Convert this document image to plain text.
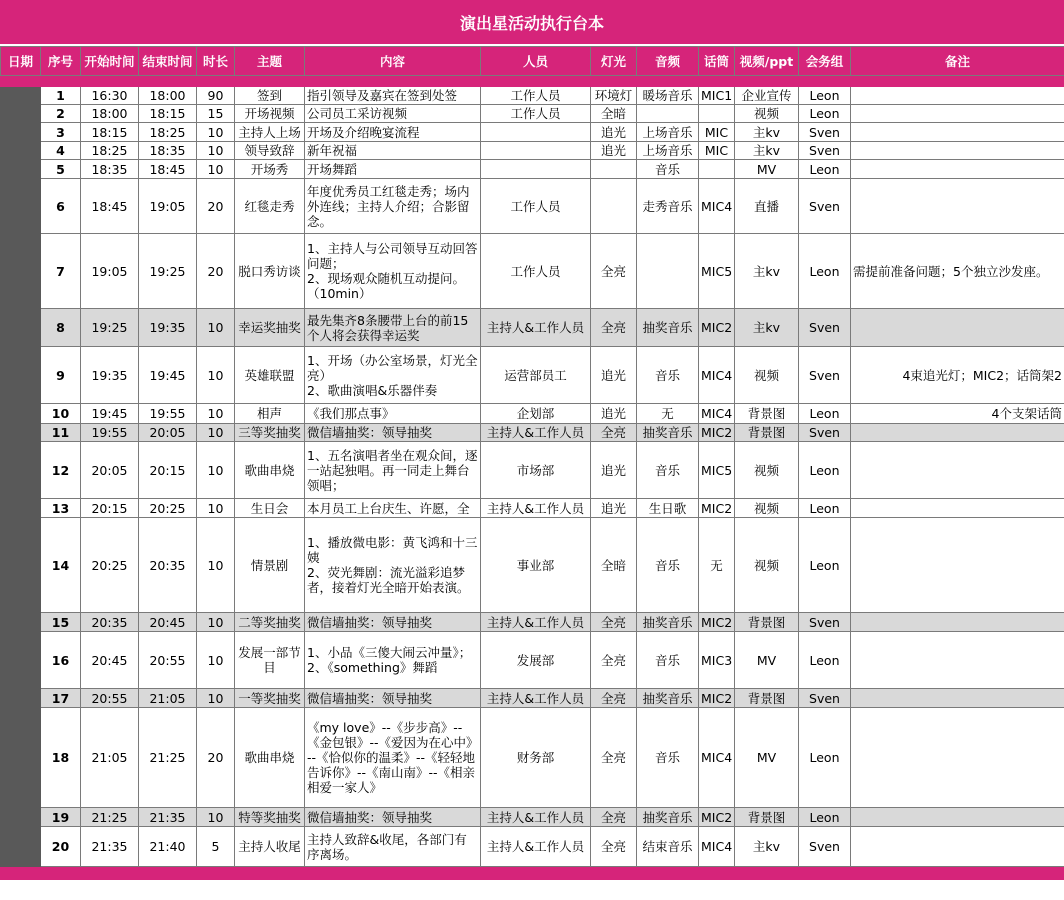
演出星活动执行台本
日期	序号	开始时间	结束时间	时长	主题	内容	人员	灯光	音频	话筒	视频/ppt	会务组	备注

	1	16:30	18:00	90	签到	指引领导及嘉宾在签到处签	工作人员	环境灯	暖场音乐	MIC1	企业宣传	Leon	
	2	18:00	18:15	15	开场视频	公司员工采访视频	工作人员	全暗			视频	Leon	
	3	18:15	18:25	10	主持人上场	开场及介绍晚宴流程		追光	上场音乐	MIC	主kv	Sven	
	4	18:25	18:35	10	领导致辞	新年祝福		追光	上场音乐	MIC	主kv	Sven	
	5	18:35	18:45	10	开场秀	开场舞蹈			音乐		MV	Leon	
	6	18:45	19:05	20	红毯走秀	年度优秀员工红毯走秀；场内外连线；主持人介绍；合影留念。	工作人员		走秀音乐	MIC4	直播	Sven	
	7	19:05	19:25	20	脱口秀访谈	1、主持人与公司领导互动回答问题；
2、现场观众随机互动提问。（10min）	工作人员	全亮		MIC5	主kv	Leon	需提前准备问题；5个独立沙发座。
	8	19:25	19:35	10	幸运奖抽奖	最先集齐8条腰带上台的前15个人将会获得幸运奖	主持人&工作人员	全亮	抽奖音乐	MIC2	主kv	Sven	
	9	19:35	19:45	10	英雄联盟	1、开场（办公室场景，灯光全亮）
2、歌曲演唱&乐器伴奏	运营部员工	追光	音乐	MIC4	视频	Sven	4束追光灯；MIC2；话筒架2
	10	19:45	19:55	10	相声	《我们那点事》	企划部	追光	无	MIC4	背景图	Leon	4个支架话筒
	11	19:55	20:05	10	三等奖抽奖	微信墙抽奖：领导抽奖	主持人&工作人员	全亮	抽奖音乐	MIC2	背景图	Sven	
	12	20:05	20:15	10	歌曲串烧	1、五名演唱者坐在观众间，逐一站起独唱。再一同走上舞台领唱；	市场部	追光	音乐	MIC5	视频	Leon	
	13	20:15	20:25	10	生日会	本月员工上台庆生、许愿，全	主持人&工作人员	追光	生日歌	MIC2	视频	Leon	
	14	20:25	20:35	10	情景剧	1、播放微电影：黄飞鸿和十三姨
2、荧光舞剧：流光溢彩追梦者，接着灯光全暗开始表演。	事业部	全暗	音乐	无	视频	Leon	
	15	20:35	20:45	10	二等奖抽奖	微信墙抽奖：领导抽奖	主持人&工作人员	全亮	抽奖音乐	MIC2	背景图	Sven	
	16	20:45	20:55	10	发展一部节目	1、小品《三傻大闹云冲量》；
2、《something》舞蹈	发展部	全亮	音乐	MIC3	MV	Leon	
	17	20:55	21:05	10	一等奖抽奖	微信墙抽奖：领导抽奖	主持人&工作人员	全亮	抽奖音乐	MIC2	背景图	Sven	
	18	21:05	21:25	20	歌曲串烧	《my love》--《步步高》--《金包银》--《爱因为在心中》--《恰似你的温柔》--《轻轻地告诉你》--《南山南》--《相亲相爱一家人》	财务部	全亮	音乐	MIC4	MV	Leon	
	19	21:25	21:35	10	特等奖抽奖	微信墙抽奖：领导抽奖	主持人&工作人员	全亮	抽奖音乐	MIC2	背景图	Leon	
	20	21:35	21:40	5	主持人收尾	主持人致辞&收尾，各部门有序离场。	主持人&工作人员	全亮	结束音乐	MIC4	主kv	Sven	
